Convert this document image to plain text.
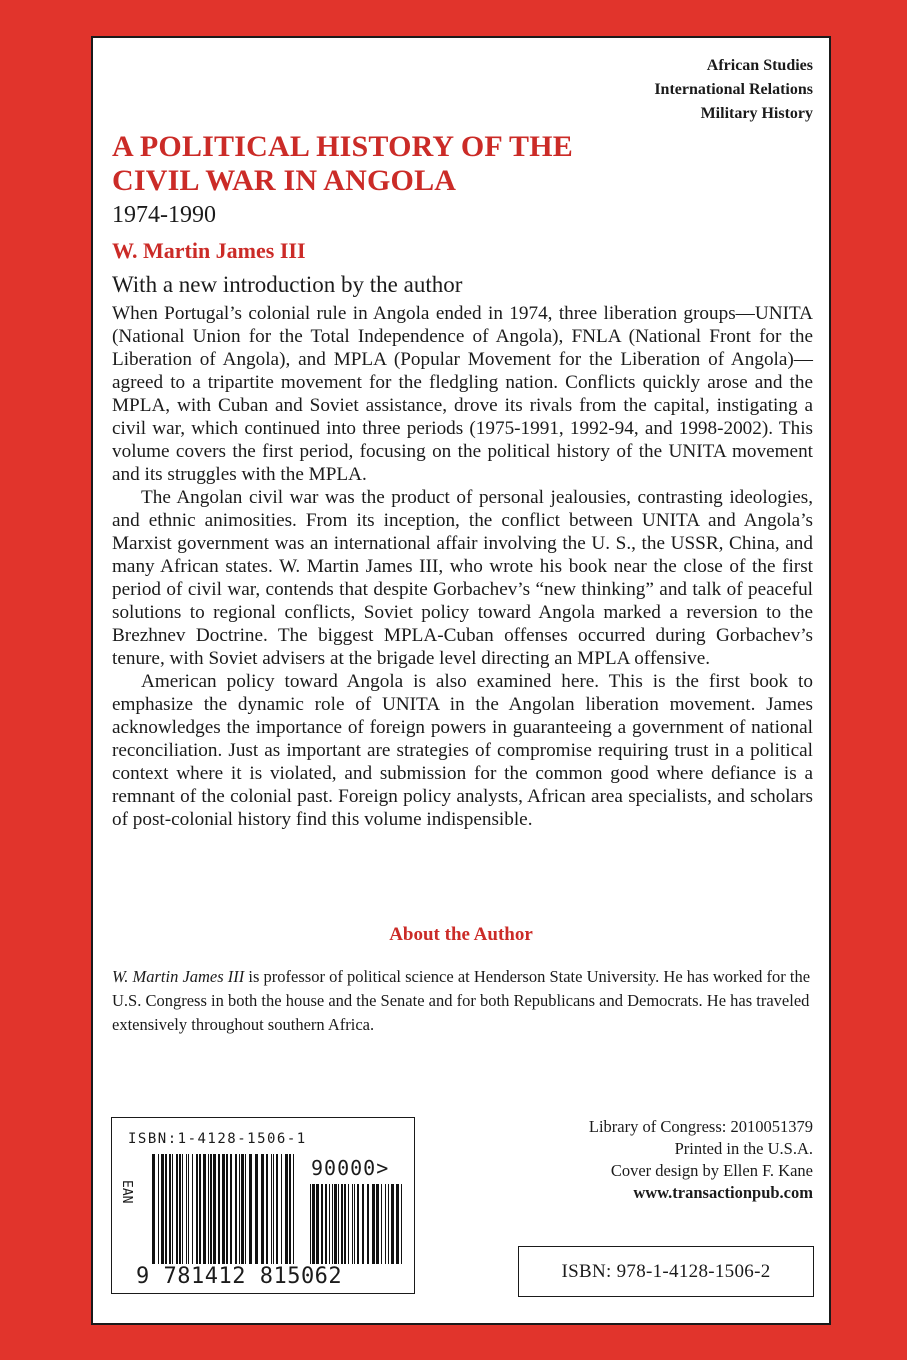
African Studies
International Relations
Military History
A POLITICAL HISTORY OF THE
CIVIL WAR IN ANGOLA
1974-1990
W. Martin James III
With a new introduction by the author

When Portugal’s colonial rule in Angola ended in 1974, three liberation groups—UNITA (National Union for the Total Independence of Angola), FNLA (National Front for the Liberation of Angola), and MPLA (Popular Movement for the Liberation of Angola)—agreed to a tripartite movement for the fledgling nation. Conflicts quickly arose and the MPLA, with Cuban and Soviet assistance, drove its rivals from the capital, instigating a civil war, which continued into three periods (1975-1991, 1992-94, and 1998-2002). This volume covers the first period, focusing on the political history of the UNITA movement and its struggles with the MPLA.

The Angolan civil war was the product of personal jealousies, contrasting ideologies, and ethnic animosities. From its inception, the conflict between UNITA and Angola’s Marxist government was an international affair involving the U. S., the USSR, China, and many African states. W. Martin James III, who wrote his book near the close of the first period of civil war, contends that despite Gorbachev’s “new thinking” and talk of peaceful solutions to regional conflicts, Soviet policy toward Angola marked a reversion to the Brezhnev Doctrine. The biggest MPLA-Cuban offenses occurred during Gorbachev’s tenure, with Soviet advisers at the brigade level directing an MPLA offensive.

American policy toward Angola is also examined here. This is the first book to emphasize the dynamic role of UNITA in the Angolan liberation movement. James acknowledges the importance of foreign powers in guaranteeing a government of national reconciliation. Just as important are strategies of compromise requiring trust in a political context where it is violated, and submission for the common good where defiance is a remnant of the colonial past. Foreign policy analysts, African area specialists, and scholars of post-colonial history find this volume indispensible.

About the Author

W. Martin James III is professor of political science at Henderson State University. He has worked for the U.S. Congress in both the house and the Senate and for both Republicans and Democrats. He has traveled extensively throughout southern Africa.

ISBN:1-4128-1506-1
EAN
90000>
9 781412 815062
Library of Congress: 2010051379
Printed in the U.S.A.
Cover design by Ellen F. Kane
www.transactionpub.com
ISBN: 978-1-4128-1506-2
